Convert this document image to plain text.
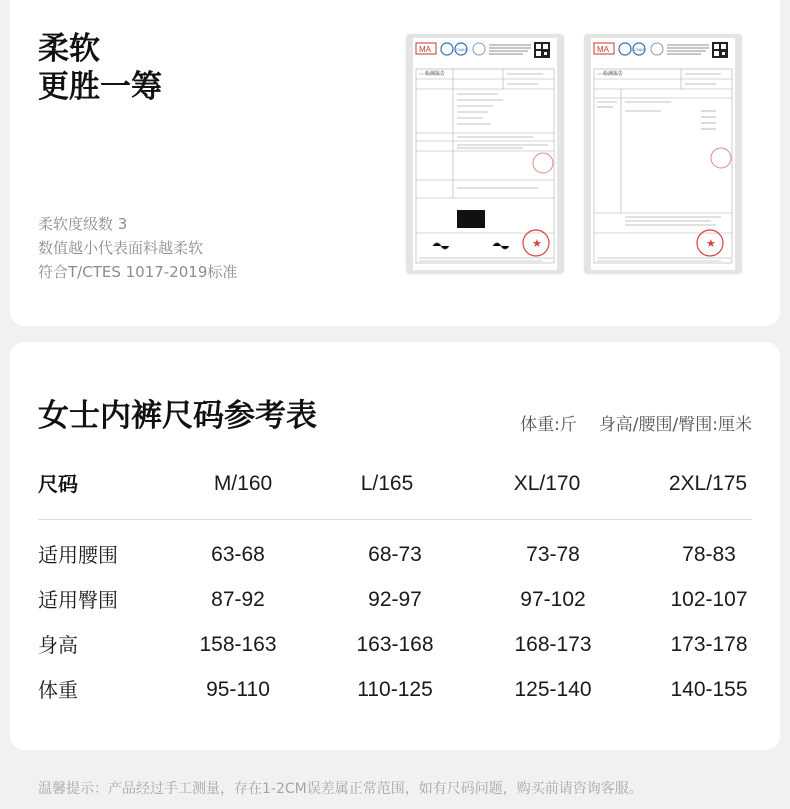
柔软
更胜一筹
柔软度级数 3
数值越小代表面料越柔软
符合T/CTES 1017-2019标准
MA	CNAS
检测报告
★
MA	CNAS
检测报告
★
女士内裤尺码参考表	体重:斤 身高/腰围/臀围:厘米
尺码	M/160	L/165	XL/170	2XL/175
适用腰围	63-68	68-73	73-78	78-83
适用臀围	87-92	92-97	97-102	102-107
身高	158-163	163-168	168-173	173-178
体重	95-110	110-125	125-140	140-155
温馨提示：产品经过手工测量，存在1-2CM误差属正常范围，如有尺码问题，购买前请咨询客服。
